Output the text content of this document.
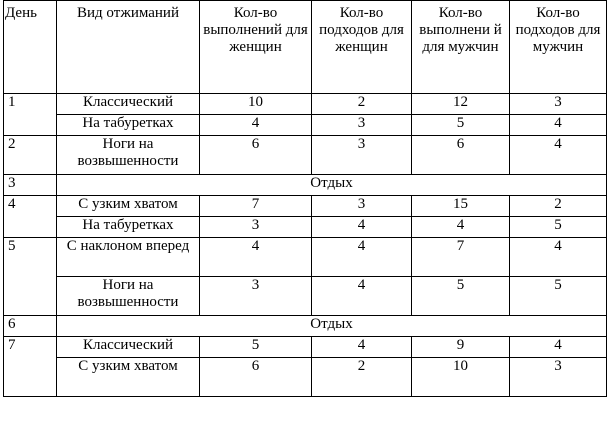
День	Вид отжиманий	Кол-во выполнений для женщин	Кол-во подходов для женщин	Кол-во выполнени й для мужчин	Кол-во подходов для мужчин
1	Классический	10	2	12	3
	На табуретках	4	3	5	4
2	Ноги на возвышенности	6	3	6	4
3	Отдых				
4	С узким хватом	7	3	15	2
	На табуретках	3	4	4	5
5	С наклоном вперед	4	4	7	4
	Ноги на возвышенности	3	4	5	5
6	Отдых				
7	Классический	5	4	9	4
	С узким хватом	6	2	10	3
